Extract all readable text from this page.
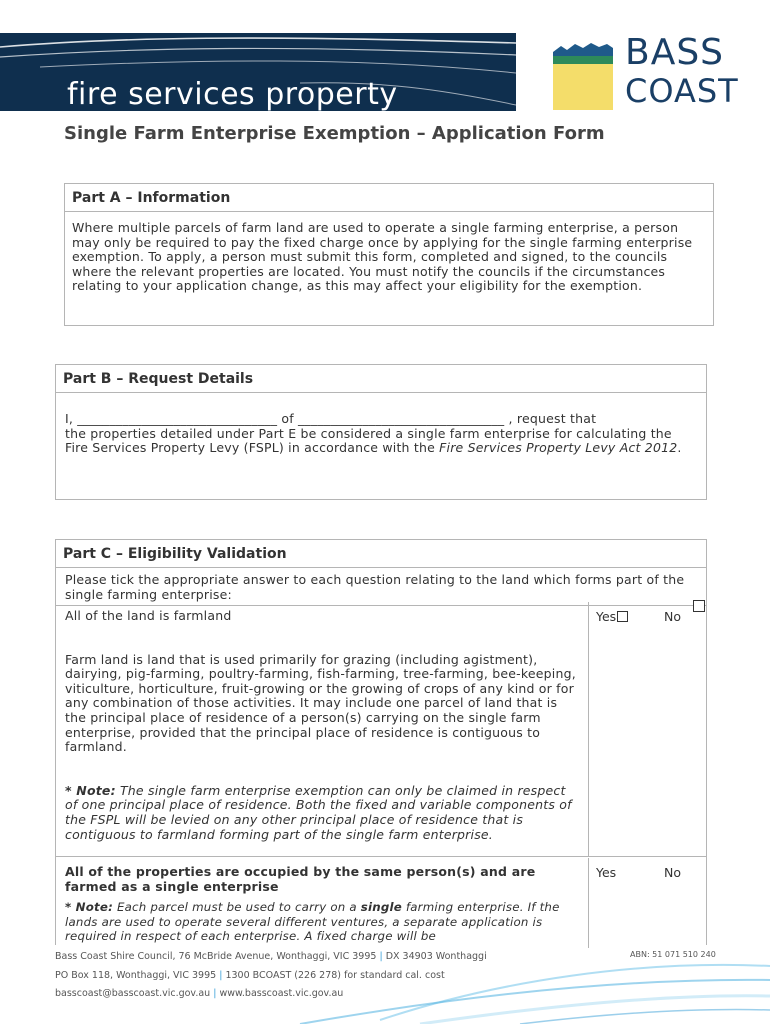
fire services property
BASS
COAST
Single Farm Enterprise Exemption – Application Form
Part A – Information
Where multiple parcels of farm land are used to operate a single farming enterprise, a person may only be required to pay the fixed charge once by applying for the single farming enterprise exemption. To apply, a person must submit this form, completed and signed, to the councils where the relevant properties are located. You must notify the councils if the circumstances relating to your application change, as this may affect your eligibility for the exemption.
Part B – Request Details
I, _______________________________ of ________________________________ , request that
the properties detailed under Part E be considered a single farm enterprise for calculating the Fire Services Property Levy (FSPL) in accordance with the Fire Services Property Levy Act 2012.
Part C – Eligibility Validation
Please tick the appropriate answer to each question relating to the land which forms part of the single farming enterprise:
All of the land is farmland
Farm land is land that is used primarily for grazing (including agistment), dairying, pig-farming, poultry-farming, fish-farming, tree-farming, bee-keeping, viticulture, horticulture, fruit-growing or the growing of crops of any kind or for any combination of those activities. It may include one parcel of land that is the principal place of residence of a person(s) carrying on the single farm enterprise, provided that the principal place of residence is contiguous to farmland.
* Note: The single farm enterprise exemption can only be claimed in respect of one principal place of residence. Both the fixed and variable components of the FSPL will be levied on any other principal place of residence that is contiguous to farmland forming part of the single farm enterprise.
Yes	No
All of the properties are occupied by the same person(s) and are farmed as a single enterprise
* Note: Each parcel must be used to carry on a single farming enterprise. If the lands are used to operate several different ventures, a separate application is required in respect of each enterprise. A fixed charge will be
Yes	No
Bass Coast Shire Council, 76 McBride Avenue, Wonthaggi, VIC 3995 | DX 34903 Wonthaggi
PO Box 118, Wonthaggi, VIC 3995 | 1300 BCOAST (226 278) for standard cal. cost
basscoast@basscoast.vic.gov.au | www.basscoast.vic.gov.au
ABN: 51 071 510 240
